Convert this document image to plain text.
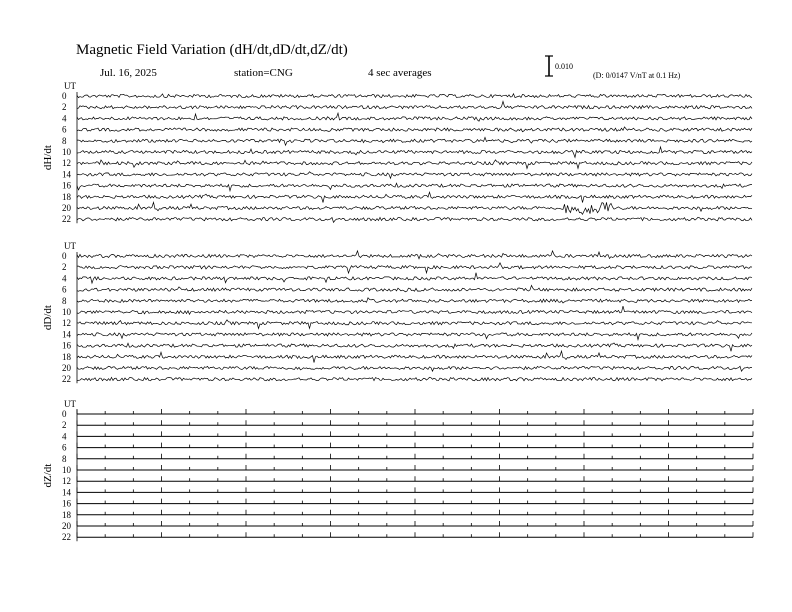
Magnetic Field Variation (dH/dt,dD/dt,dZ/dt)
Jul. 16, 2025	station=CNG	4 sec averages
0.010
(D: 0/0147 V/nT at 0.1 Hz)
UT
dH/dt
0
2
4
6
8
10
12
14
16
18
20
22
UT
dD/dt
0
2
4
6
8
10
12
14
16
18
20
22
UT
dZ/dt
0
2
4
6
8
10
12
14
16
18
20
22
